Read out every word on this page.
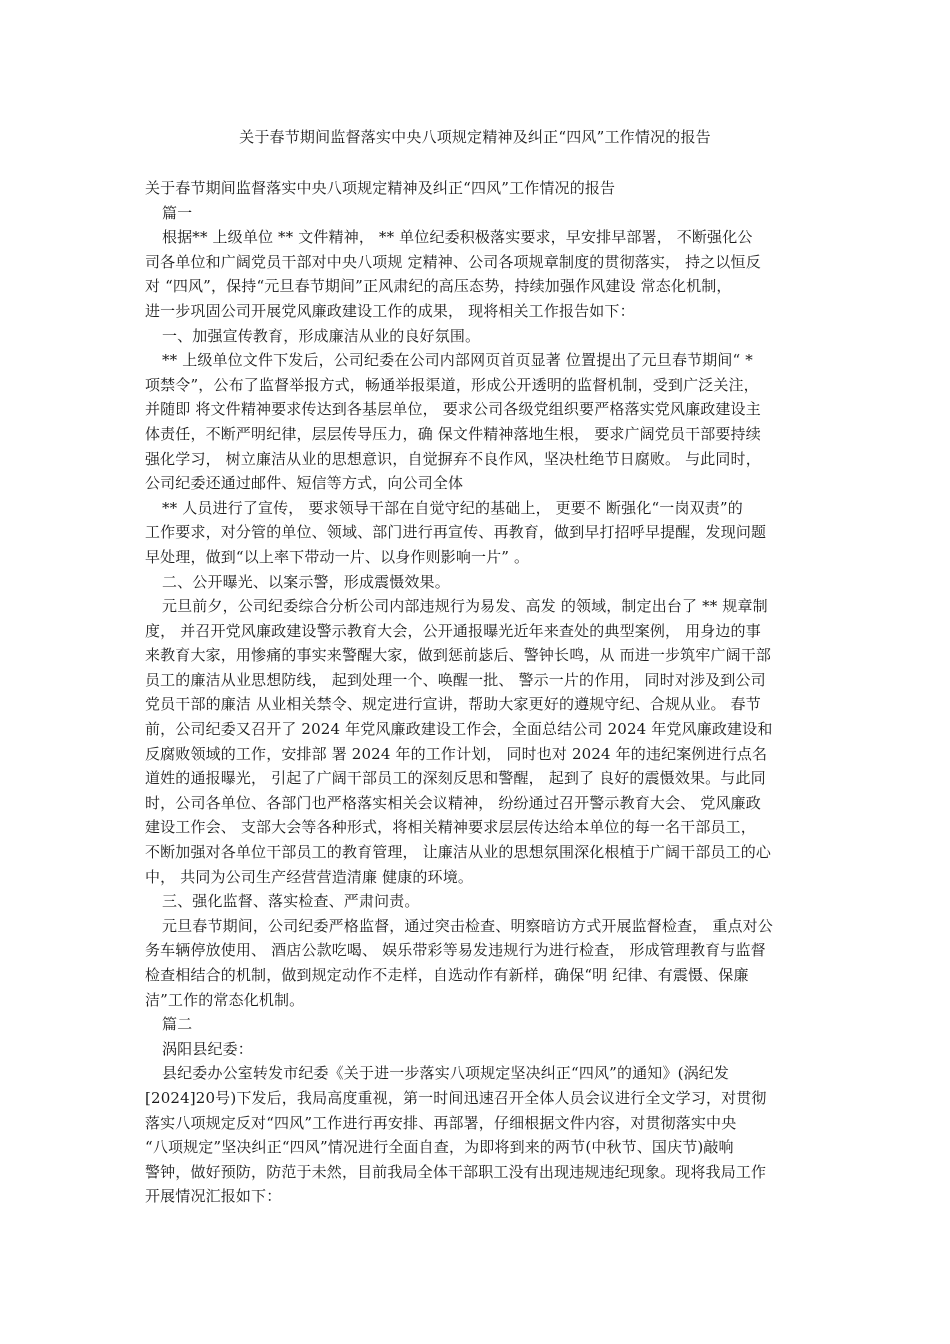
关于春节期间监督落实中央八项规定精神及纠正“四风”工作情况的报告
关于春节期间监督落实中央八项规定精神及纠正“四风”工作情况的报告
篇一
根据** 上级单位 ** 文件精神， ** 单位纪委积极落实要求，早安排早部署， 不断强化公
司各单位和广阔党员干部对中央八项规 定精神、公司各项规章制度的贯彻落实， 持之以恒反
对 “四风”，保持“元旦春节期间”正风肃纪的高压态势，持续加强作风建设 常态化机制，
进一步巩固公司开展党风廉政建设工作的成果， 现将相关工作报告如下：
一、加强宣传教育，形成廉洁从业的良好氛围。
** 上级单位文件下发后，公司纪委在公司内部网页首页显著 位置提出了元旦春节期间“ *
项禁令”，公布了监督举报方式，畅通举报渠道，形成公开透明的监督机制，受到广泛关注，
并随即 将文件精神要求传达到各基层单位， 要求公司各级党组织要严格落实党风廉政建设主
体责任，不断严明纪律，层层传导压力，确 保文件精神落地生根， 要求广阔党员干部要持续
强化学习， 树立廉洁从业的思想意识，自觉摒弃不良作风，坚决杜绝节日腐败。 与此同时，
公司纪委还通过邮件、短信等方式，向公司全体
** 人员进行了宣传， 要求领导干部在自觉守纪的基础上， 更要不 断强化“一岗双责”的
工作要求，对分管的单位、领域、部门进行再宣传、再教育，做到早打招呼早提醒，发现问题
早处理，做到“以上率下带动一片、以身作则影响一片” 。
二、公开曝光、以案示警，形成震慑效果。
元旦前夕，公司纪委综合分析公司内部违规行为易发、高发 的领域，制定出台了 ** 规章制
度， 并召开党风廉政建设警示教育大会，公开通报曝光近年来查处的典型案例， 用身边的事
来教育大家，用惨痛的事实来警醒大家，做到惩前毖后、警钟长鸣，从 而进一步筑牢广阔干部
员工的廉洁从业思想防线， 起到处理一个、唤醒一批、 警示一片的作用， 同时对涉及到公司
党员干部的廉洁 从业相关禁令、规定进行宣讲，帮助大家更好的遵规守纪、合规从业。 春节
前，公司纪委又召开了 2024 年党风廉政建设工作会，全面总结公司 2024 年党风廉政建设和
反腐败领域的工作，安排部 署 2024 年的工作计划， 同时也对 2024 年的违纪案例进行点名
道姓的通报曝光， 引起了广阔干部员工的深刻反思和警醒， 起到了 良好的震慑效果。与此同
时，公司各单位、各部门也严格落实相关会议精神， 纷纷通过召开警示教育大会、 党风廉政
建设工作会、 支部大会等各种形式，将相关精神要求层层传达给本单位的每一名干部员工，
不断加强对各单位干部员工的教育管理， 让廉洁从业的思想氛围深化根植于广阔干部员工的心
中， 共同为公司生产经营营造清廉 健康的环境。
三、强化监督、落实检查、严肃问责。
元旦春节期间，公司纪委严格监督，通过突击检查、明察暗访方式开展监督检查， 重点对公
务车辆停放使用、 酒店公款吃喝、 娱乐带彩等易发违规行为进行检查， 形成管理教育与监督
检查相结合的机制，做到规定动作不走样，自选动作有新样，确保“明 纪律、有震慑、保廉
洁”工作的常态化机制。
篇二
涡阳县纪委：
县纪委办公室转发市纪委《关于进一步落实八项规定坚决纠正“四风”的通知》(涡纪发
[2024]20号)下发后，我局高度重视，第一时间迅速召开全体人员会议进行全文学习，对贯彻
落实八项规定反对“四风”工作进行再安排、再部署，仔细根据文件内容，对贯彻落实中央
“八项规定”坚决纠正“四风”情况进行全面自查，为即将到来的两节(中秋节、国庆节)敲响
警钟，做好预防，防范于未然，目前我局全体干部职工没有出现违规违纪现象。现将我局工作
开展情况汇报如下：
